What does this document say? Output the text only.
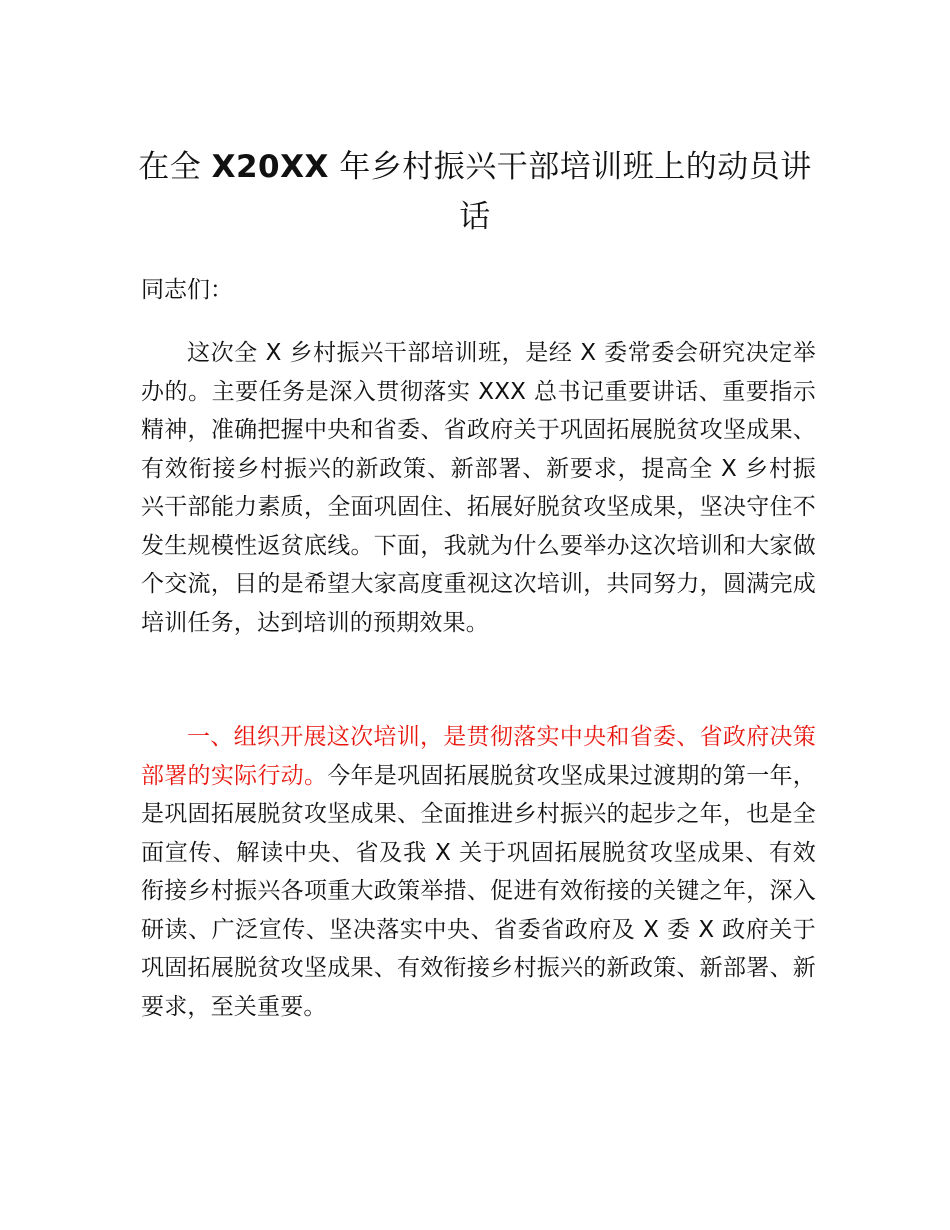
在全 X20XX 年乡村振兴干部培训班上的动员讲话

同志们：

这次全 X 乡村振兴干部培训班，是经 X 委常委会研究决定举办的。主要任务是深入贯彻落实 XXX 总书记重要讲话、重要指示精神，准确把握中央和省委、省政府关于巩固拓展脱贫攻坚成果、有效衔接乡村振兴的新政策、新部署、新要求，提高全 X 乡村振兴干部能力素质，全面巩固住、拓展好脱贫攻坚成果，坚决守住不发生规模性返贫底线。下面，我就为什么要举办这次培训和大家做个交流，目的是希望大家高度重视这次培训，共同努力，圆满完成培训任务，达到培训的预期效果。

一、组织开展这次培训，是贯彻落实中央和省委、省政府决策部署的实际行动。今年是巩固拓展脱贫攻坚成果过渡期的第一年，是巩固拓展脱贫攻坚成果、全面推进乡村振兴的起步之年，也是全面宣传、解读中央、省及我 X 关于巩固拓展脱贫攻坚成果、有效衔接乡村振兴各项重大政策举措、促进有效衔接的关键之年，深入研读、广泛宣传、坚决落实中央、省委省政府及 X 委 X 政府关于巩固拓展脱贫攻坚成果、有效衔接乡村振兴的新政策、新部署、新要求，至关重要。
